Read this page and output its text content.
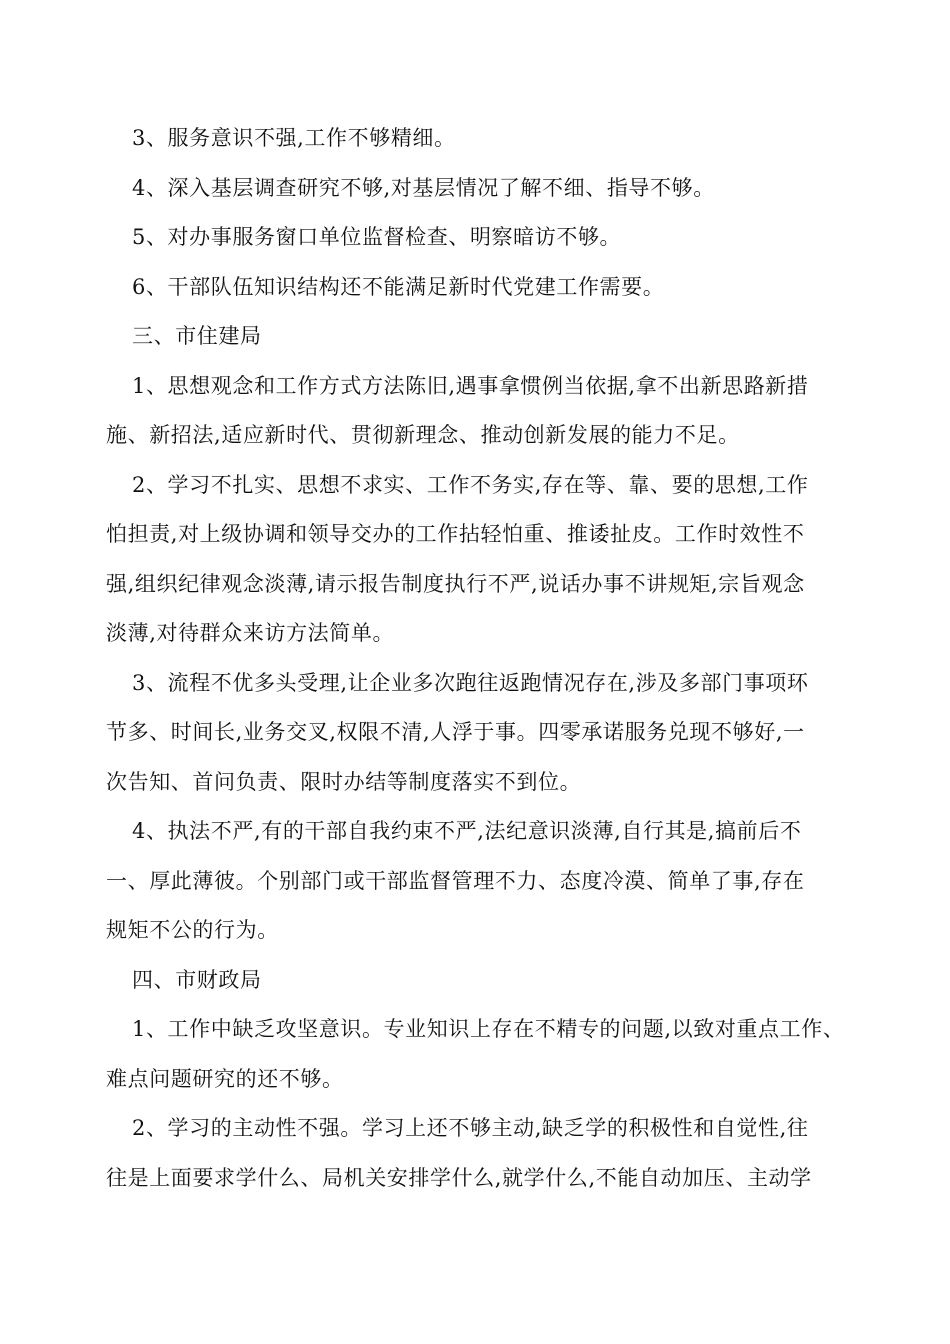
3、服务意识不强,工作不够精细。
4、深入基层调查研究不够,对基层情况了解不细、指导不够。
5、对办事服务窗口单位监督检查、明察暗访不够。
6、干部队伍知识结构还不能满足新时代党建工作需要。
三、市住建局
1、思想观念和工作方式方法陈旧,遇事拿惯例当依据,拿不出新思路新措
施、新招法,适应新时代、贯彻新理念、推动创新发展的能力不足。
2、学习不扎实、思想不求实、工作不务实,存在等、靠、要的思想,工作
怕担责,对上级协调和领导交办的工作拈轻怕重、推诿扯皮。工作时效性不
强,组织纪律观念淡薄,请示报告制度执行不严,说话办事不讲规矩,宗旨观念
淡薄,对待群众来访方法简单。
3、流程不优多头受理,让企业多次跑往返跑情况存在,涉及多部门事项环
节多、时间长,业务交叉,权限不清,人浮于事。四零承诺服务兑现不够好,一
次告知、首问负责、限时办结等制度落实不到位。
4、执法不严,有的干部自我约束不严,法纪意识淡薄,自行其是,搞前后不
一、厚此薄彼。个别部门或干部监督管理不力、态度冷漠、简单了事,存在
规矩不公的行为。
四、市财政局
1、工作中缺乏攻坚意识。专业知识上存在不精专的问题,以致对重点工作、
难点问题研究的还不够。
2、学习的主动性不强。学习上还不够主动,缺乏学的积极性和自觉性,往
往是上面要求学什么、局机关安排学什么,就学什么,不能自动加压、主动学
